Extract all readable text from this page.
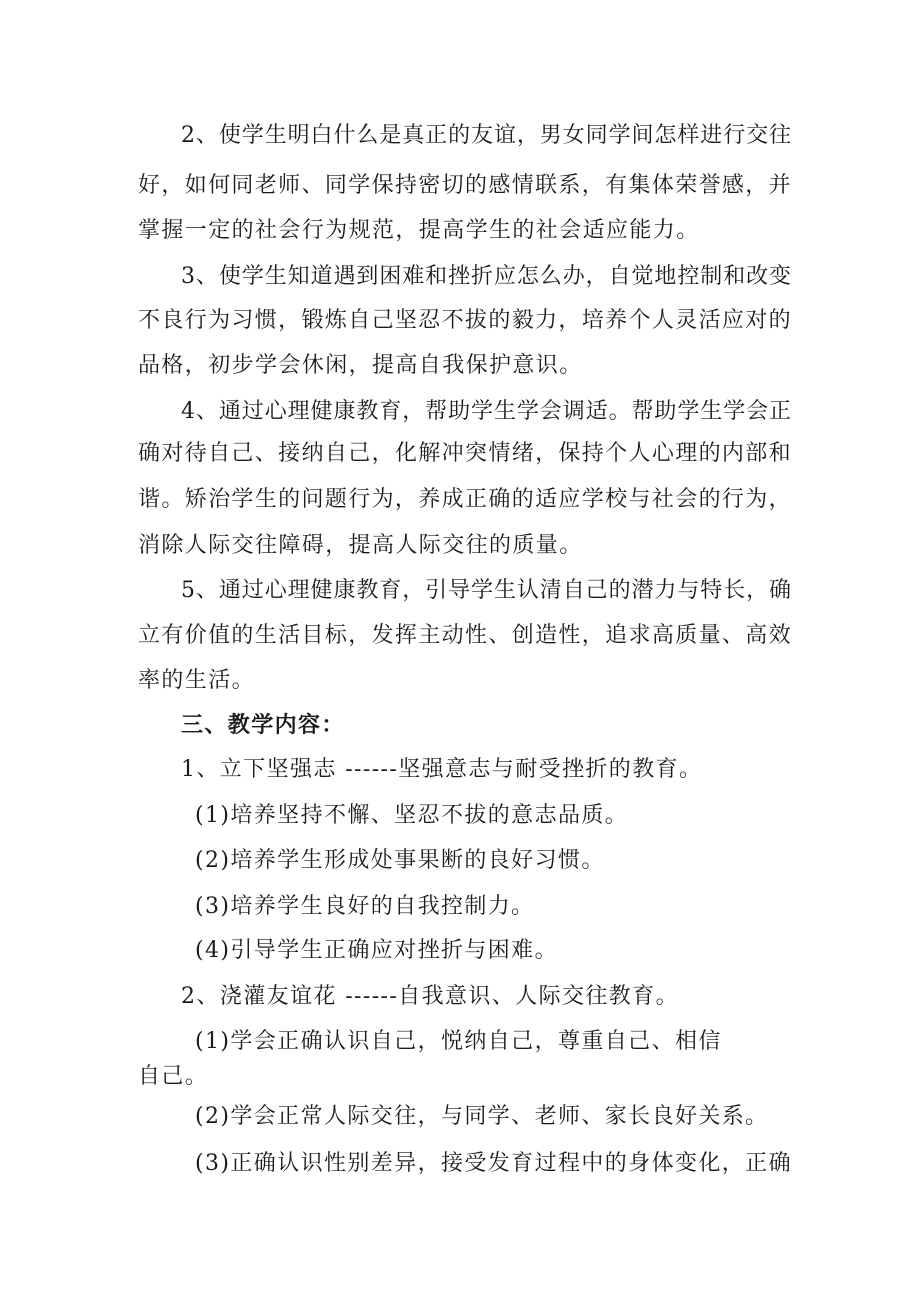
2、使学生明白什么是真正的友谊，男女同学间怎样进行交往

好，如何同老师、同学保持密切的感情联系，有集体荣誉感，并

掌握一定的社会行为规范，提高学生的社会适应能力。

3、使学生知道遇到困难和挫折应怎么办，自觉地控制和改变

不良行为习惯，锻炼自己坚忍不拔的毅力，培养个人灵活应对的

品格，初步学会休闲，提高自我保护意识。

4、通过心理健康教育，帮助学生学会调适。帮助学生学会正

确对待自己、接纳自己，化解冲突情绪，保持个人心理的内部和

谐。矫治学生的问题行为，养成正确的适应学校与社会的行为，

消除人际交往障碍，提高人际交往的质量。

5、通过心理健康教育，引导学生认清自己的潜力与特长，确

立有价值的生活目标，发挥主动性、创造性，追求高质量、高效

率的生活。

三、教学内容：

1、立下坚强志 ------坚强意志与耐受挫折的教育。

(1)培养坚持不懈、坚忍不拔的意志品质。

(2)培养学生形成处事果断的良好习惯。

(3)培养学生良好的自我控制力。

(4)引导学生正确应对挫折与困难。

2、浇灌友谊花 ------自我意识、人际交往教育。

(1)学会正确认识自己，悦纳自己，尊重自己、相信

自己。

(2)学会正常人际交往，与同学、老师、家长良好关系。

(3)正确认识性别差异，接受发育过程中的身体变化，正确
